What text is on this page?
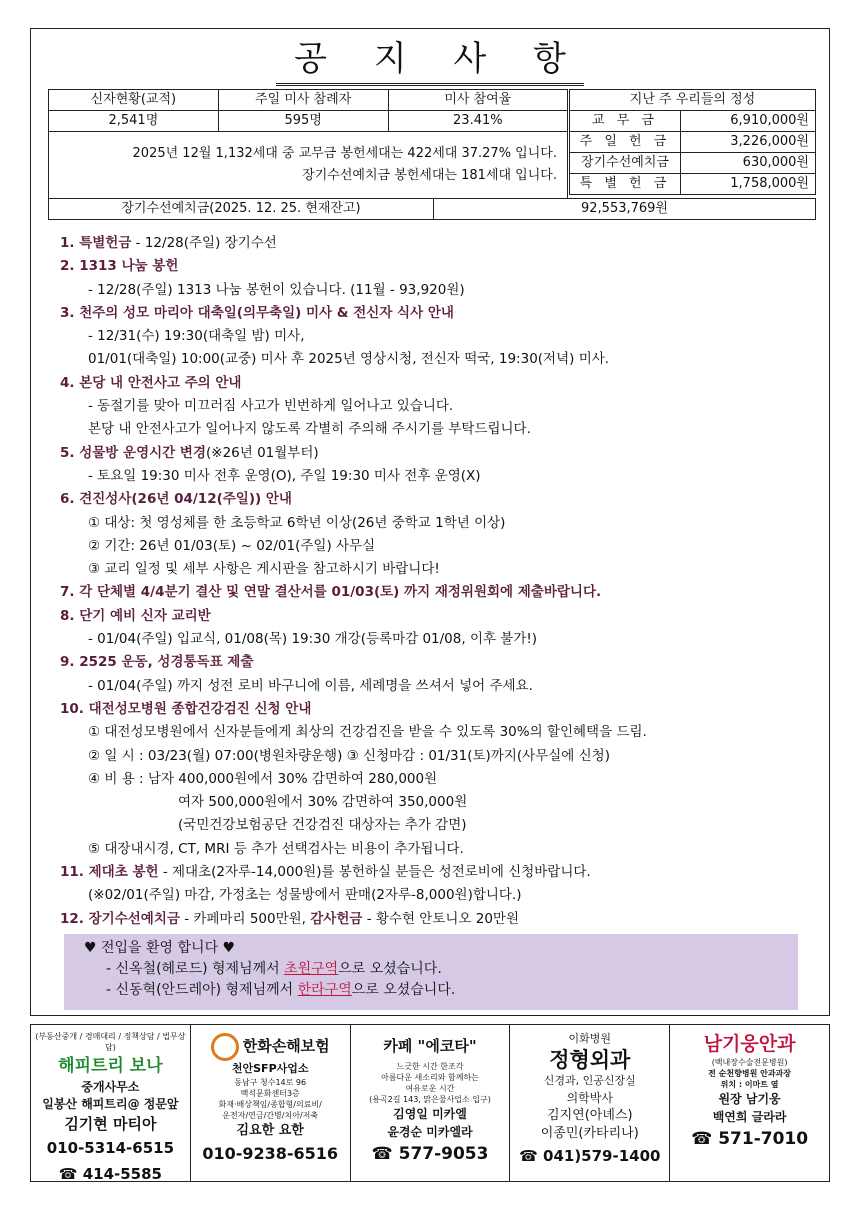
공 지 사 항
신자현황(교적)	주일 미사 참례자	미사 참여율
2,541명	595명	23.41%

2025년 12월 1,132세대 중 교무금 봉헌세대는 422세대 37.27% 입니다.
장기수선예치금 봉헌세대는 181세대 입니다.		
지난 주 우리들의 정성	
교 무 금	6,910,000원
주 일 헌 금	3,226,000원
장기수선예치금	630,000원
특 별 헌 금	1,758,000원
장기수선예치금(2025. 12. 25. 현재잔고)	92,553,769원
1. 특별헌금 - 12/28(주일) 장기수선
2. 1313 나눔 봉헌
- 12/28(주일) 1313 나눔 봉헌이 있습니다. (11월 - 93,920원)
3. 천주의 성모 마리아 대축일(의무축일) 미사 & 전신자 식사 안내
- 12/31(수) 19:30(대축일 밤) 미사,
01/01(대축일) 10:00(교중) 미사 후 2025년 영상시청, 전신자 떡국, 19:30(저녁) 미사.
4. 본당 내 안전사고 주의 안내
- 동절기를 맞아 미끄러짐 사고가 빈번하게 일어나고 있습니다.
본당 내 안전사고가 일어나지 않도록 각별히 주의해 주시기를 부탁드립니다.
5. 성물방 운영시간 변경(※26년 01월부터)
- 토요일 19:30 미사 전후 운영(O), 주일 19:30 미사 전후 운영(X)
6. 견진성사(26년 04/12(주일)) 안내
① 대상: 첫 영성체를 한 초등학교 6학년 이상(26년 중학교 1학년 이상)
② 기간: 26년 01/03(토) ~ 02/01(주일) 사무실
③ 교리 일정 및 세부 사항은 게시판을 참고하시기 바랍니다!
7. 각 단체별 4/4분기 결산 및 연말 결산서를 01/03(토) 까지 재정위원회에 제출바랍니다.
8. 단기 예비 신자 교리반
- 01/04(주일) 입교식, 01/08(목) 19:30 개강(등록마감 01/08, 이후 불가!)
9. 2525 운동, 성경통독표 제출
- 01/04(주일) 까지 성전 로비 바구니에 이름, 세례명을 쓰셔서 넣어 주세요.
10. 대전성모병원 종합건강검진 신청 안내
① 대전성모병원에서 신자분들에게 최상의 건강검진을 받을 수 있도록 30%의 할인혜택을 드림.
② 일 시 : 03/23(월) 07:00(병원차량운행) ③ 신청마감 : 01/31(토)까지(사무실에 신청)
④ 비 용 : 남자 400,000원에서 30% 감면하여 280,000원
여자 500,000원에서 30% 감면하여 350,000원
(국민건강보험공단 건강검진 대상자는 추가 감면)
⑤ 대장내시경, CT, MRI 등 추가 선택검사는 비용이 추가됩니다.
11. 제대초 봉헌 - 제대초(2자루-14,000원)를 봉헌하실 분들은 성전로비에 신청바랍니다.
(※02/01(주일) 마감, 가정초는 성물방에서 판매(2자루-8,000원)합니다.)
12. 장기수선예치금 - 카페마리 500만원, 감사헌금 - 황수현 안토니오 20만원
♥ 전입을 환영 합니다 ♥
- 신옥철(헤로드) 형제님께서 초원구역으로 오셨습니다.
- 신동혁(안드레아) 형제님께서 한라구역으로 오셨습니다.
(부동산중개 / 경매대리 / 정책상담 / 법무상담)
해피트리 보나
중개사무소
일봉산 해피트리@ 정문앞
김기현 마티아
010-5314-6515
☎ 414-5585
한화손해보험
천안SFP사업소
동남구 청수14로 96
백석문화센터3층
화재·배상책임/종합형/의료비/
운전자/연금/간병/치아/저축
김요한 요한
010-9238-6516
카페 "에코타"
느긋한 시간 한조각
아름다운 새소리와 함께하는
여유로운 시간
(용곡2길 143, 맑은물사업소 입구)
김영일 미카엘
윤경순 미카엘라
☎ 577-9053
이화병원
정형외과
신경과, 인공신장실
의학박사
김지연(아녜스)
이종민(카타리나)
☎ 041)579-1400
남기웅안과
(백내장수술전문병원)
전 순천향병원 안과과장
위치 : 이마트 옆
원장 남기웅
백연희 글라라
☎ 571-7010
